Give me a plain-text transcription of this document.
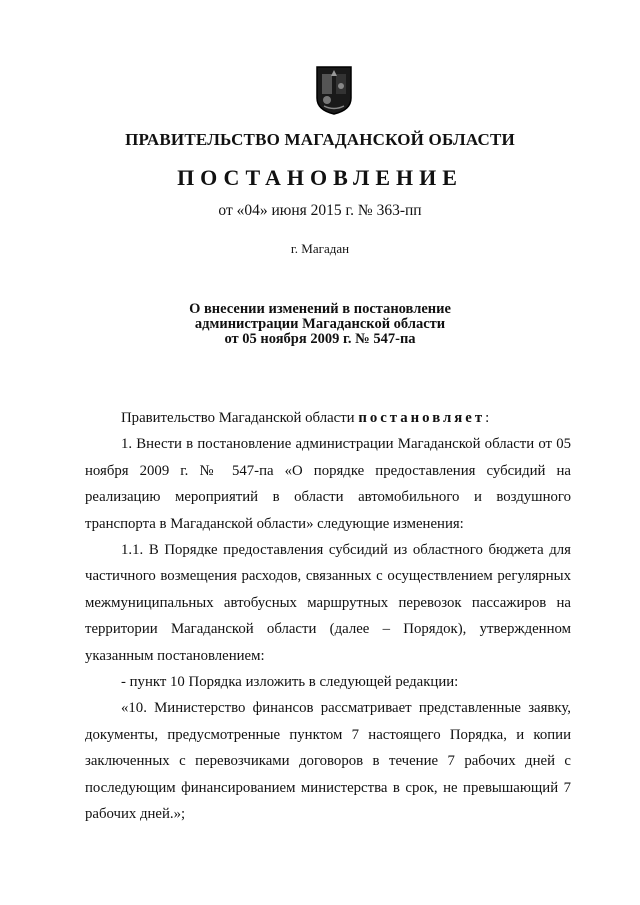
ПРАВИТЕЛЬСТВО МАГАДАНСКОЙ ОБЛАСТИ
ПОСТАНОВЛЕНИЕ
от «04» июня 2015 г. № 363-пп
г. Магадан
О внесении изменений в постановление
администрации Магаданской области
от 05 ноября 2009 г. № 547-па

Правительство Магаданской области постановляет:

1. Внести в постановление администрации Магаданской области от 05 ноября 2009 г. № 547-па «О порядке предоставления субсидий на реализацию мероприятий в области автомобильного и воздушного транспорта в Магаданской области» следующие изменения:

1.1. В Порядке предоставления субсидий из областного бюджета для частичного возмещения расходов, связанных с осуществлением регулярных межмуниципальных автобусных маршрутных перевозок пассажиров на территории Магаданской области (далее – Порядок), утвержденном указанным постановлением:

- пункт 10 Порядка изложить в следующей редакции:

«10. Министерство финансов рассматривает представленные заявку, документы, предусмотренные пунктом 7 настоящего Порядка, и копии заключенных с перевозчиками договоров в течение 7 рабочих дней с последующим финансированием министерства в срок, не превышающий 7 рабочих дней.»;
